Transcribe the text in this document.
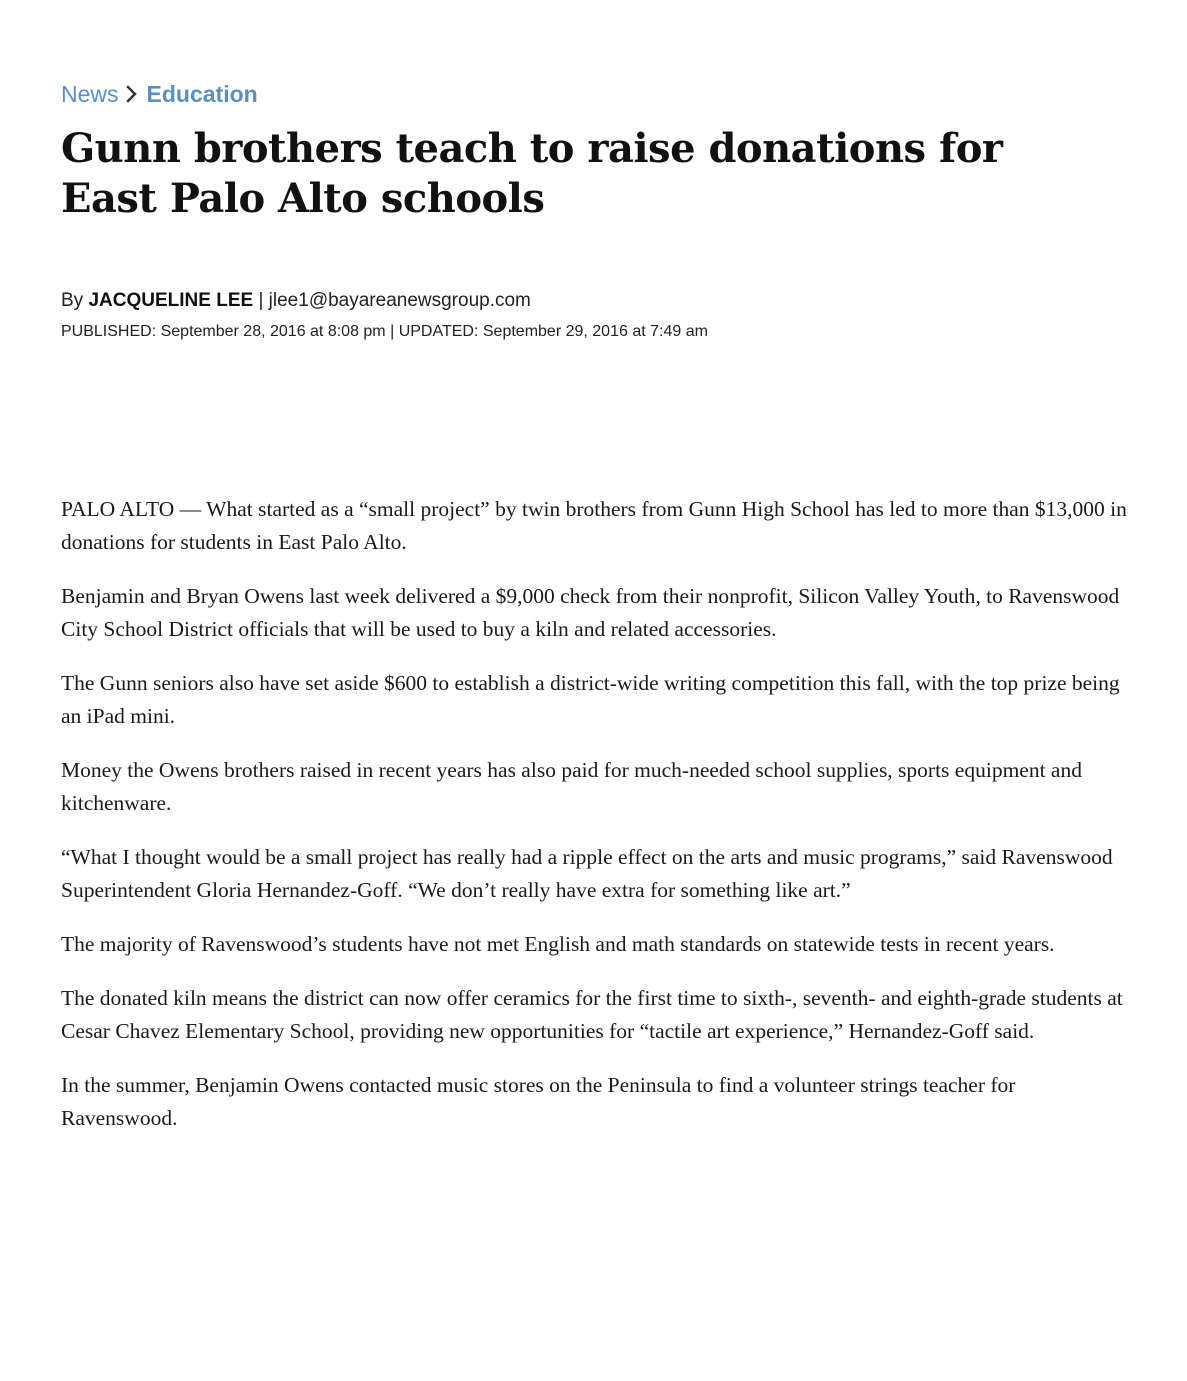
News Education
Gunn brothers teach to raise donations for East Palo Alto schools
By JACQUELINE LEE | jlee1@bayareanewsgroup.com
PUBLISHED: September 28, 2016 at 8:08 pm | UPDATED: September 29, 2016 at 7:49 am

PALO ALTO — What started as a “small project” by twin brothers from Gunn High School has led to more than $13,000 in donations for students in East Palo Alto.

Benjamin and Bryan Owens last week delivered a $9,000 check from their nonprofit, Silicon Valley Youth, to Ravenswood City School District officials that will be used to buy a kiln and related accessories.

The Gunn seniors also have set aside $600 to establish a district-wide writing competition this fall, with the top prize being an iPad mini.

Money the Owens brothers raised in recent years has also paid for much-needed school supplies, sports equipment and kitchenware.

“What I thought would be a small project has really had a ripple effect on the arts and music programs,” said Ravenswood Superintendent Gloria Hernandez-Goff. “We don’t really have extra for something like art.”

The majority of Ravenswood’s students have not met English and math standards on statewide tests in recent years.

The donated kiln means the district can now offer ceramics for the first time to sixth-, seventh- and eighth-grade students at Cesar Chavez Elementary School, providing new opportunities for “tactile art experience,” Hernandez-Goff said.

In the summer, Benjamin Owens contacted music stores on the Peninsula to find a volunteer strings teacher for Ravenswood.
